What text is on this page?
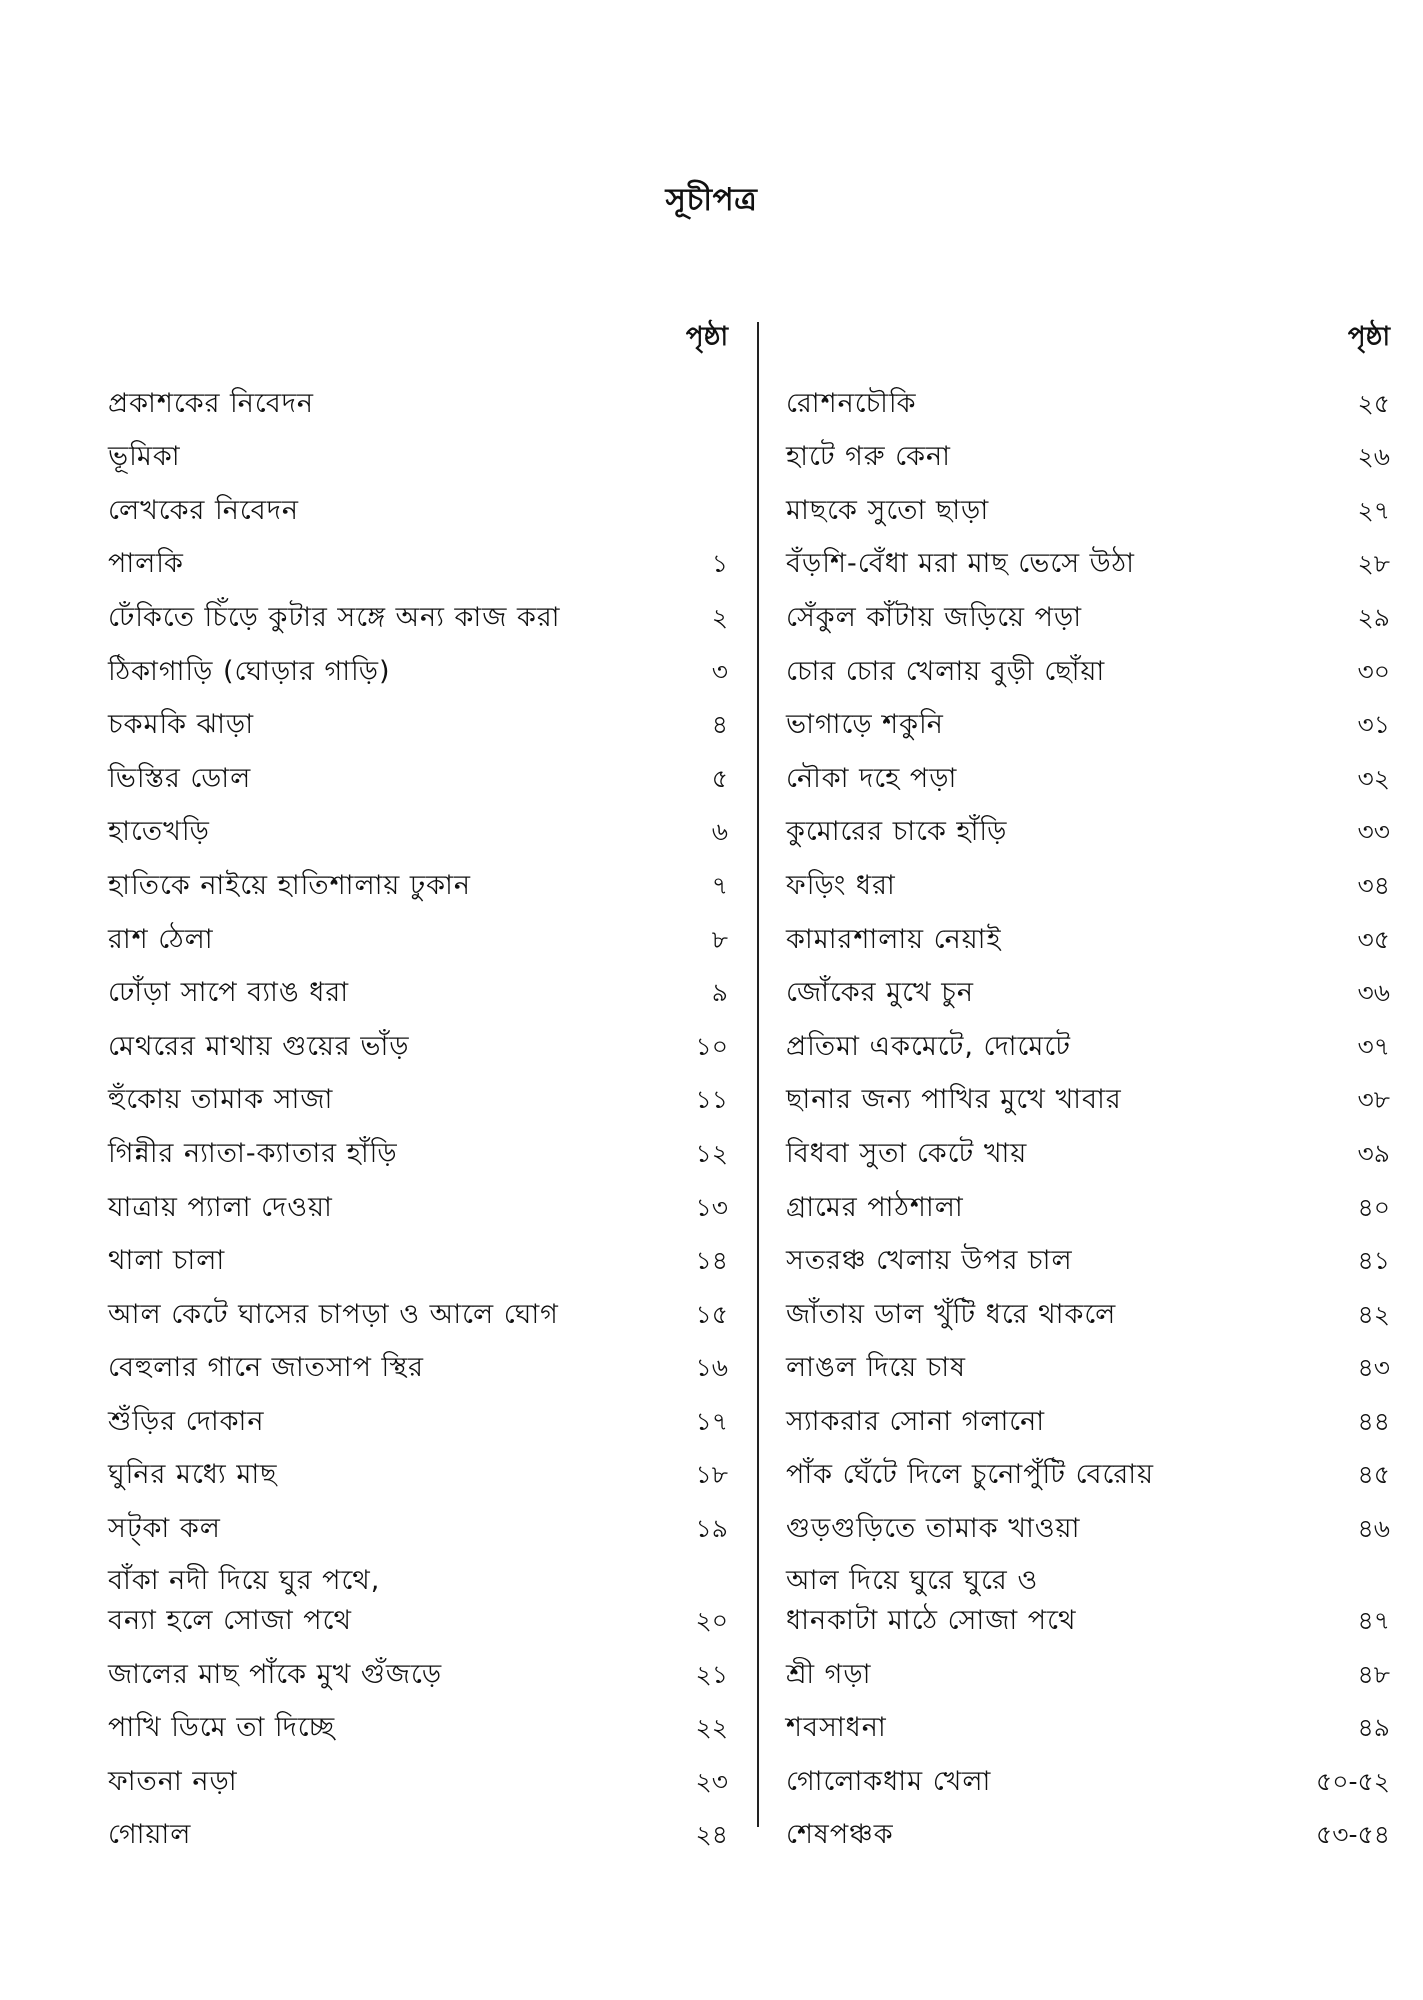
সূচীপত্র
পৃষ্ঠা
প্রকাশকের নিবেদন
ভূমিকা
লেখকের নিবেদন
পালকি	১
ঢেঁকিতে চিঁড়ে কুটার সঙ্গে অন্য কাজ করা	২
ঠিকাগাড়ি (ঘোড়ার গাড়ি)	৩
চকমকি ঝাড়া	৪
ভিস্তির ডোল	৫
হাতেখড়ি	৬
হাতিকে নাইয়ে হাতিশালায় ঢুকান	৭
রাশ ঠেলা	৮
ঢোঁড়া সাপে ব্যাঙ ধরা	৯
মেথরের মাথায় গুয়ের ভাঁড়	১০
হুঁকোয় তামাক সাজা	১১
গিন্নীর ন্যাতা-ক্যাতার হাঁড়ি	১২
যাত্রায় প্যালা দেওয়া	১৩
থালা চালা	১৪
আল কেটে ঘাসের চাপড়া ও আলে ঘোগ	১৫
বেহুলার গানে জাতসাপ স্থির	১৬
শুঁড়ির দোকান	১৭
ঘুনির মধ্যে মাছ	১৮
সট্‌কা কল	১৯
বাঁকা নদী দিয়ে ঘুর পথে,
বন্যা হলে সোজা পথে	২০
জালের মাছ পাঁকে মুখ গুঁজড়ে	২১
পাখি ডিমে তা দিচ্ছে	২২
ফাতনা নড়া	২৩
গোয়াল	২৪
পৃষ্ঠা
রোশনচৌকি	২৫
হাটে গরু কেনা	২৬
মাছকে সুতো ছাড়া	২৭
বঁড়শি-বেঁধা মরা মাছ ভেসে উঠা	২৮
সেঁকুল কাঁটায় জড়িয়ে পড়া	২৯
চোর চোর খেলায় বুড়ী ছোঁয়া	৩০
ভাগাড়ে শকুনি	৩১
নৌকা দহে পড়া	৩২
কুমোরের চাকে হাঁড়ি	৩৩
ফড়িং ধরা	৩৪
কামারশালায় নেয়াই	৩৫
জোঁকের মুখে চুন	৩৬
প্রতিমা একমেটে, দোমেটে	৩৭
ছানার জন্য পাখির মুখে খাবার	৩৮
বিধবা সুতা কেটে খায়	৩৯
গ্রামের পাঠশালা	৪০
সতরঞ্চ খেলায় উপর চাল	৪১
জাঁতায় ডাল খুঁটি ধরে থাকলে	৪২
লাঙল দিয়ে চাষ	৪৩
স্যাকরার সোনা গলানো	৪৪
পাঁক ঘেঁটে দিলে চুনোপুঁটি বেরোয়	৪৫
গুড়গুড়িতে তামাক খাওয়া	৪৬
আল দিয়ে ঘুরে ঘুরে ও
ধানকাটা মাঠে সোজা পথে	৪৭
শ্রী গড়া	৪৮
শবসাধনা	৪৯
গোলোকধাম খেলা	৫০-৫২
শেষপঞ্চক	৫৩-৫৪
